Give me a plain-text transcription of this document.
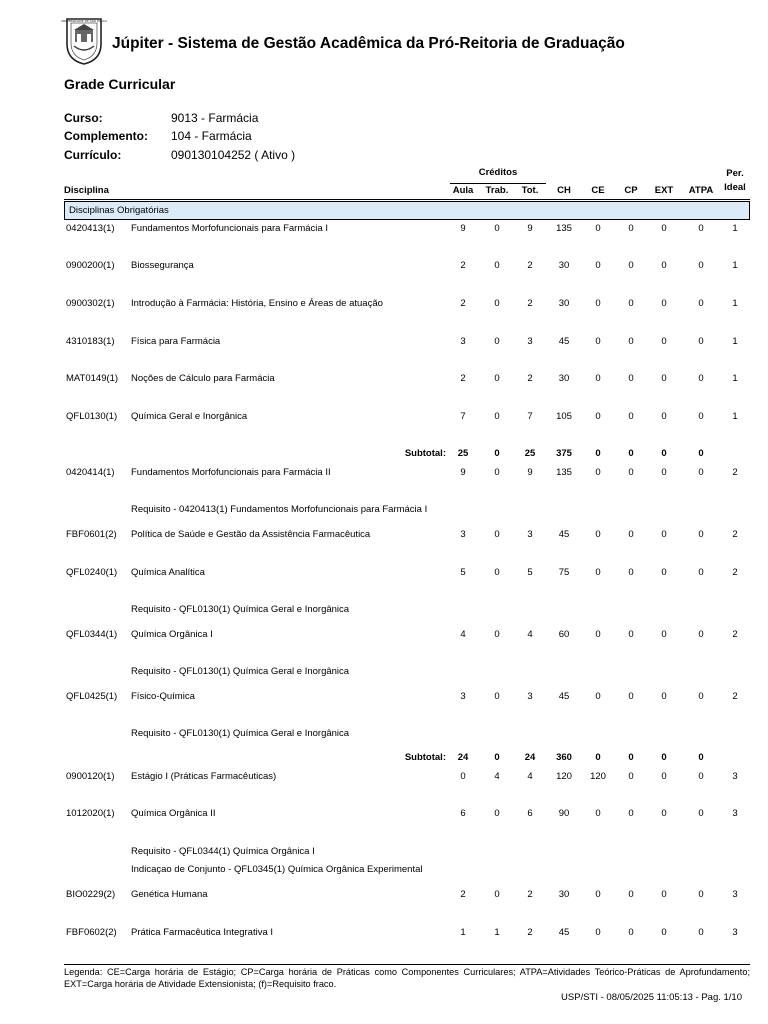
UNIVERSIDADE DE SÃO PAULO
Júpiter - Sistema de Gestão Acadêmica da Pró-Reitoria de Graduação
Grade Curricular
Curso:	9013 - Farmácia
Complemento: 104 - Farmácia
Currículo:	090130104252 ( Ativo )
Créditos	Per.
Ideal
Disciplina	Aula	Trab.	Tot.	CH	CE	CP	EXT	ATPA
Disciplinas Obrigatórias
0420413(1) Fundamentos Morfofuncionais para Farmácia I	9	0	9	135	0	0	0	0	1
0900200(1) Biossegurança	2	0	2	30	0	0	0	0	1
0900302(1) Introdução à Farmácia: História, Ensino e Áreas de atuação	2	0	2	30	0	0	0	0	1
4310183(1) Física para Farmácia	3	0	3	45	0	0	0	0	1
MAT0149(1) Noções de Cálculo para Farmácia	2	0	2	30	0	0	0	0	1
QFL0130(1) Química Geral e Inorgânica	7	0	7	105	0	0	0	0	1
Subtotal:	25	0	25	375	0	0	0	0
0420414(1) Fundamentos Morfofuncionais para Farmácia II	9	0	9	135	0	0	0	0	2
Requisito - 0420413(1) Fundamentos Morfofuncionais para Farmácia I
FBF0601(2) Política de Saúde e Gestão da Assistência Farmacêutica	3	0	3	45	0	0	0	0	2
QFL0240(1) Química Analítica	5	0	5	75	0	0	0	0	2
Requisito - QFL0130(1) Química Geral e Inorgânica
QFL0344(1) Química Orgânica I	4	0	4	60	0	0	0	0	2
Requisito - QFL0130(1) Química Geral e Inorgânica
QFL0425(1) Físico-Química	3	0	3	45	0	0	0	0	2
Requisito - QFL0130(1) Química Geral e Inorgânica
Subtotal:	24	0	24	360	0	0	0	0
0900120(1) Estágio I (Práticas Farmacêuticas)	0	4	4	120	120	0	0	0	3
1012020(1) Química Orgânica II	6	0	6	90	0	0	0	0	3
Requisito - QFL0344(1) Química Orgânica I
Indicaçao de Conjunto - QFL0345(1) Química Orgânica Experimental
BIO0229(2) Genética Humana	2	0	2	30	0	0	0	0	3
FBF0602(2) Prática Farmacêutica Integrativa I	1	1	2	45	0	0	0	0	3
Legenda: CE=Carga horária de Estágio; CP=Carga horária de Práticas como Componentes Curriculares; ATPA=Atividades Teórico-Práticas de Aprofundamento; EXT=Carga horária de Atividade Extensionista; (f)=Requisito fraco.
USP/STI - 08/05/2025 11:05:13 - Pag. 1/10
